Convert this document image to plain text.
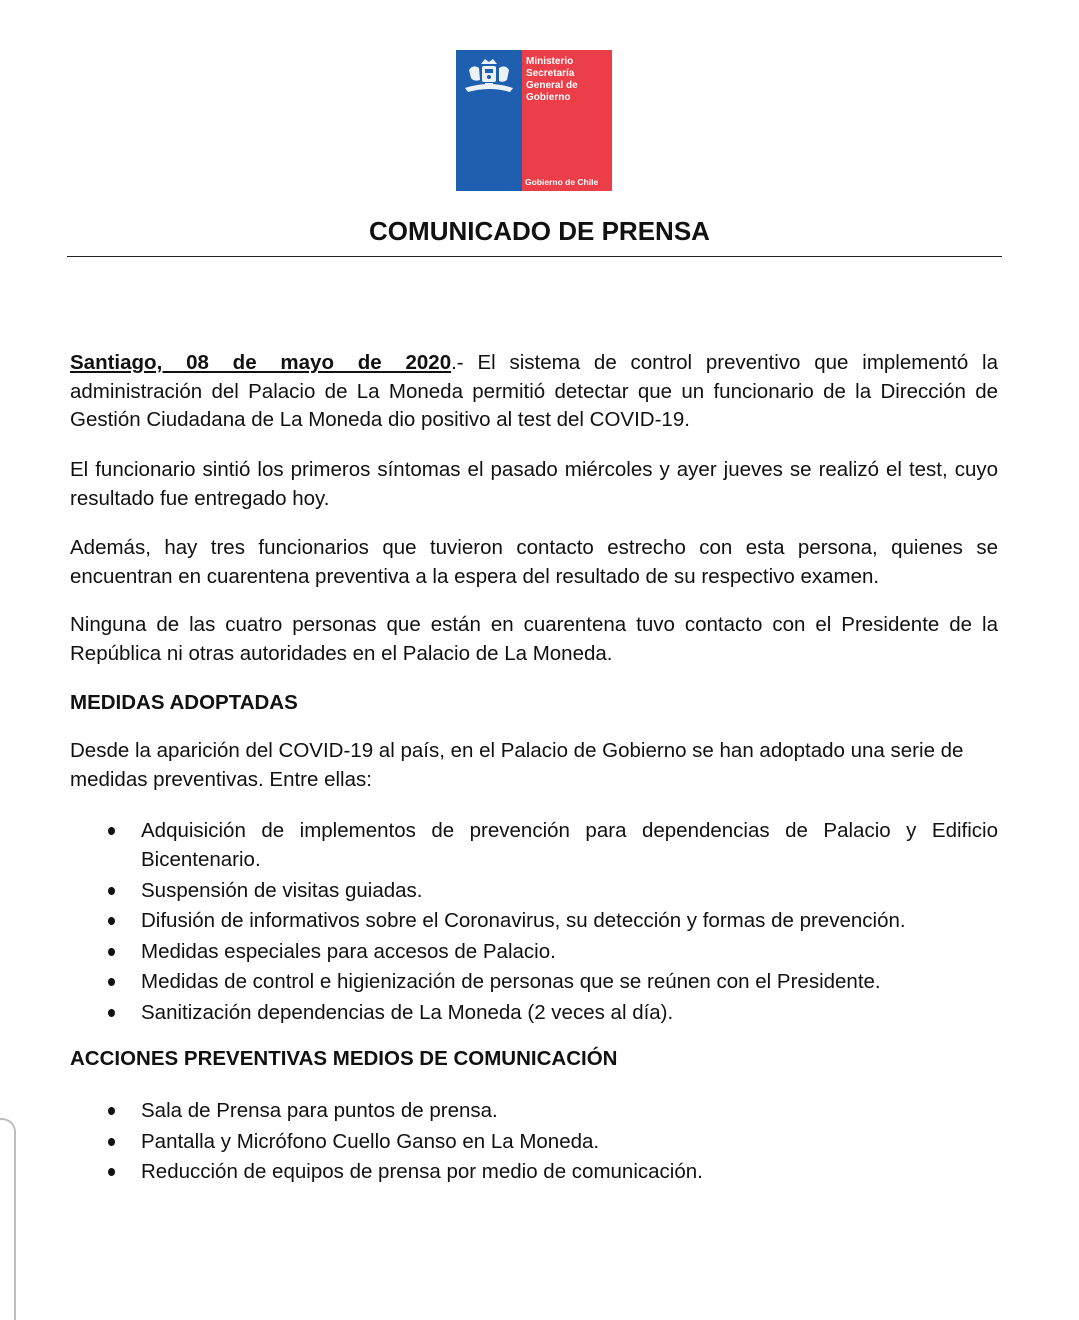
Ministerio
Secretaría
General de
Gobierno
Gobierno de Chile
COMUNICADO DE PRENSA
Santiago, 08 de mayo de 2020.- El sistema de control preventivo que implementó la administración del Palacio de La Moneda permitió detectar que un funcionario de la Dirección de Gestión Ciudadana de La Moneda dio positivo al test del COVID-19.
El funcionario sintió los primeros síntomas el pasado miércoles y ayer jueves se realizó el test, cuyo resultado fue entregado hoy.
Además, hay tres funcionarios que tuvieron contacto estrecho con esta persona, quienes se encuentran en cuarentena preventiva a la espera del resultado de su respectivo examen.
Ninguna de las cuatro personas que están en cuarentena tuvo contacto con el Presidente de la República ni otras autoridades en el Palacio de La Moneda.
MEDIDAS ADOPTADAS
Desde la aparición del COVID-19 al país, en el Palacio de Gobierno se han adoptado una serie de medidas preventivas. Entre ellas:
Adquisición de implementos de prevención para dependencias de Palacio y Edificio Bicentenario.
Suspensión de visitas guiadas.
Difusión de informativos sobre el Coronavirus, su detección y formas de prevención.
Medidas especiales para accesos de Palacio.
Medidas de control e higienización de personas que se reúnen con el Presidente.
Sanitización dependencias de La Moneda (2 veces al día).
ACCIONES PREVENTIVAS MEDIOS DE COMUNICACIÓN
Sala de Prensa para puntos de prensa.
Pantalla y Micrófono Cuello Ganso en La Moneda.
Reducción de equipos de prensa por medio de comunicación.
